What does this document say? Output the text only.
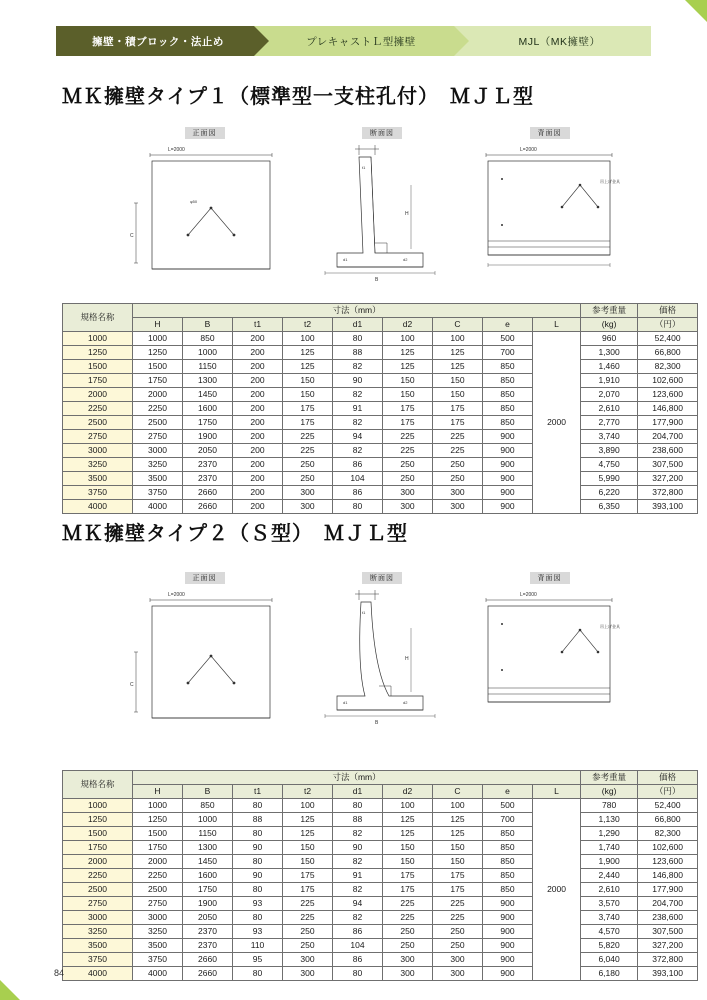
擁壁・積ブロック・法止め	プレキャストＬ型擁壁	MJL（MK擁壁）
ＭＫ擁壁タイプ１（標準型一支柱孔付）　ＭＪＬ型
L=2000
C
φ50
正面図
B
H
d1	d2
t1
断面図
L=2000
吊上げ金具
背面図
規格名称	寸法（mm）									参考重量	価格
	H	B	t1	t2	d1	d2	C	e	L	(kg)	（円）
1000	1000	850	200	100	80	100	100	500	2000	960	52,400
1250	1250	1000	200	125	88	125	125	700		1,300	66,800
1500	1500	1150	200	125	82	125	125	850		1,460	82,300
1750	1750	1300	200	150	90	150	150	850		1,910	102,600
2000	2000	1450	200	150	82	150	150	850		2,070	123,600
2250	2250	1600	200	175	91	175	175	850		2,610	146,800
2500	2500	1750	200	175	82	175	175	850		2,770	177,900
2750	2750	1900	200	225	94	225	225	900		3,740	204,700
3000	3000	2050	200	225	82	225	225	900		3,890	238,600
3250	3250	2370	200	250	86	250	250	900		4,750	307,500
3500	3500	2370	200	250	104	250	250	900		5,990	327,200
3750	3750	2660	200	300	86	300	300	900		6,220	372,800
4000	4000	2660	200	300	80	300	300	900		6,350	393,100
ＭＫ擁壁タイプ２（Ｓ型）　ＭＪＬ型
L=2000
C
正面図
B
H
d1	d2
t1
断面図
L=2000
吊上げ金具
背面図
規格名称	寸法（mm）									参考重量	価格
	H	B	t1	t2	d1	d2	C	e	L	(kg)	（円）
1000	1000	850	80	100	80	100	100	500	2000	780	52,400
1250	1250	1000	88	125	88	125	125	700		1,130	66,800
1500	1500	1150	80	125	82	125	125	850		1,290	82,300
1750	1750	1300	90	150	90	150	150	850		1,740	102,600
2000	2000	1450	80	150	82	150	150	850		1,900	123,600
2250	2250	1600	90	175	91	175	175	850		2,440	146,800
2500	2500	1750	80	175	82	175	175	850		2,610	177,900
2750	2750	1900	93	225	94	225	225	900		3,570	204,700
3000	3000	2050	80	225	82	225	225	900		3,740	238,600
3250	3250	2370	93	250	86	250	250	900		4,570	307,500
3500	3500	2370	110	250	104	250	250	900		5,820	327,200
3750	3750	2660	95	300	86	300	300	900		6,040	372,800
4000	4000	2660	80	300	80	300	300	900		6,180	393,100
84
